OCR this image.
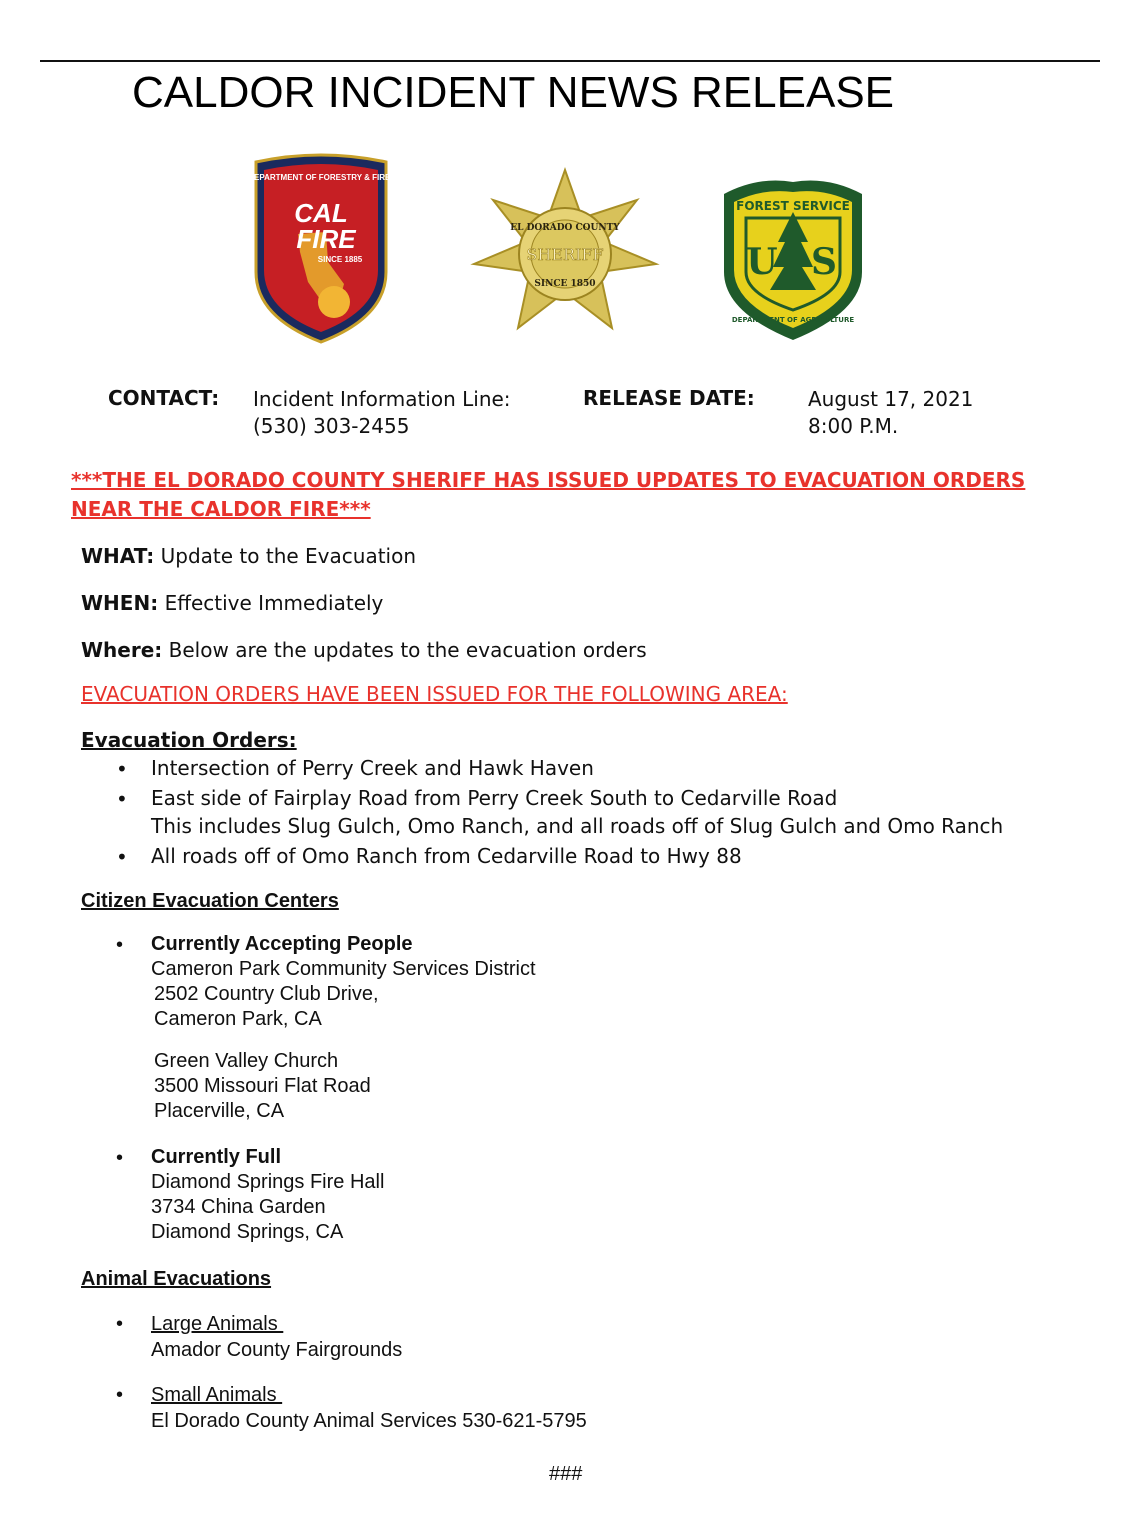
CALDOR INCIDENT NEWS RELEASE
CALIFORNIA DEPARTMENT OF FORESTRY & FIRE PROTECTION
CAL
FIRE
SINCE 1885
EL DORADO COUNTY
SHERIFF
SINCE 1850
FOREST SERVICE
U S
DEPARTMENT OF AGRICULTURE
CONTACT: Incident Information Line:
(530) 303-2455
RELEASE DATE:	August 17, 2021
8:00 P.M.
***THE EL DORADO COUNTY SHERIFF HAS ISSUED UPDATES TO EVACUATION ORDERS NEAR THE CALDOR FIRE***
WHAT: Update to the Evacuation
WHEN: Effective Immediately
Where: Below are the updates to the evacuation orders
EVACUATION ORDERS HAVE BEEN ISSUED FOR THE FOLLOWING AREA:
Evacuation Orders:
• Intersection of Perry Creek and Hawk Haven
• East side of Fairplay Road from Perry Creek South to Cedarville Road
This includes Slug Gulch, Omo Ranch, and all roads off of Slug Gulch and Omo Ranch
• All roads off of Omo Ranch from Cedarville Road to Hwy 88
Citizen Evacuation Centers
• Currently Accepting People
Cameron Park Community Services District
2502 Country Club Drive,
Cameron Park, CA
Green Valley Church
3500 Missouri Flat Road
Placerville, CA
• Currently Full
Diamond Springs Fire Hall
3734 China Garden
Diamond Springs, CA
Animal Evacuations
• Large Animals
Amador County Fairgrounds
• Small Animals
El Dorado County Animal Services 530-621-5795
###
